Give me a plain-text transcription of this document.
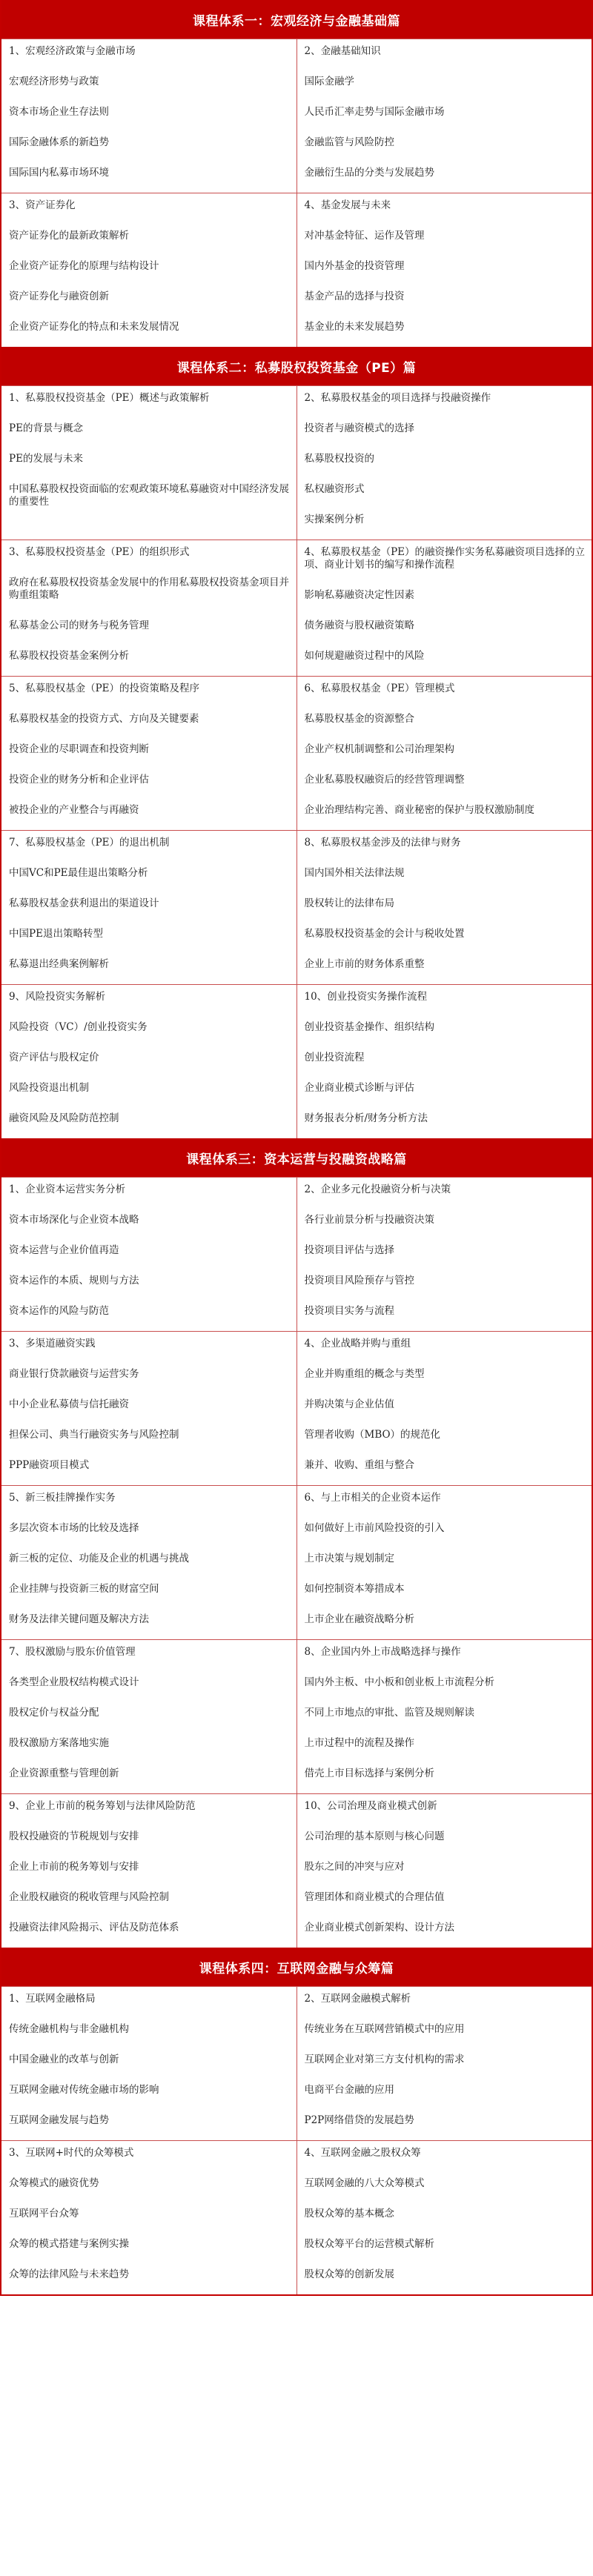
课程体系一：宏观经济与金融基础篇
1、宏观经济政策与金融市场
宏观经济形势与政策
资本市场企业生存法则
国际金融体系的新趋势
国际国内私募市场环境
2、金融基础知识
国际金融学
人民币汇率走势与国际金融市场
金融监管与风险防控
金融衍生品的分类与发展趋势
3、资产证券化
资产证券化的最新政策解析
企业资产证券化的原理与结构设计
资产证券化与融资创新
企业资产证券化的特点和未来发展情况
4、基金发展与未来
对冲基金特征、运作及管理
国内外基金的投资管理
基金产品的选择与投资
基金业的未来发展趋势
课程体系二：私募股权投资基金（PE）篇
1、私募股权投资基金（PE）概述与政策解析
PE的背景与概念
PE的发展与未来
中国私募股权投资面临的宏观政策环境私募融资对中国经济发展的重要性
2、私募股权基金的项目选择与投融资操作
投资者与融资模式的选择
私募股权投资的
私权融资形式
实操案例分析
3、私募股权投资基金（PE）的组织形式
政府在私募股权投资基金发展中的作用私募股权投资基金项目并购重组策略
私募基金公司的财务与税务管理
私募股权投资基金案例分析
4、私募股权基金（PE）的融资操作实务私募融资项目选择的立项、商业计划书的编写和操作流程
影响私募融资决定性因素
债务融资与股权融资策略
如何规避融资过程中的风险
5、私募股权基金（PE）的投资策略及程序
私募股权基金的投资方式、方向及关键要素
投资企业的尽职调查和投资判断
投资企业的财务分析和企业评估
被投企业的产业整合与再融资
6、私募股权基金（PE）管理模式
私募股权基金的资源整合
企业产权机制调整和公司治理架构
企业私募股权融资后的经营管理调整
企业治理结构完善、商业秘密的保护与股权激励制度
7、私募股权基金（PE）的退出机制
中国VC和PE最佳退出策略分析
私募股权基金获利退出的渠道设计
中国PE退出策略转型
私募退出经典案例解析
8、私募股权基金涉及的法律与财务
国内国外相关法律法规
股权转让的法律布局
私募股权投资基金的会计与税收处置
企业上市前的财务体系重整
9、风险投资实务解析
风险投资（VC）/创业投资实务
资产评估与股权定价
风险投资退出机制
融资风险及风险防范控制
10、创业投资实务操作流程
创业投资基金操作、组织结构
创业投资流程
企业商业模式诊断与评估
财务报表分析/财务分析方法
课程体系三：资本运营与投融资战略篇
1、企业资本运营实务分析
资本市场深化与企业资本战略
资本运营与企业价值再造
资本运作的本质、规则与方法
资本运作的风险与防范
2、企业多元化投融资分析与决策
各行业前景分析与投融资决策
投资项目评估与选择
投资项目风险预存与管控
投资项目实务与流程
3、多渠道融资实践
商业银行贷款融资与运营实务
中小企业私募债与信托融资
担保公司、典当行融资实务与风险控制
PPP融资项目模式
4、企业战略并购与重组
企业并购重组的概念与类型
并购决策与企业估值
管理者收购（MBO）的规范化
兼并、收购、重组与整合
5、新三板挂牌操作实务
多层次资本市场的比较及选择
新三板的定位、功能及企业的机遇与挑战
企业挂牌与投资新三板的财富空间
财务及法律关键问题及解决方法
6、与上市相关的企业资本运作
如何做好上市前风险投资的引入
上市决策与规划制定
如何控制资本筹措成本
上市企业在融资战略分析
7、股权激励与股东价值管理
各类型企业股权结构模式设计
股权定价与权益分配
股权激励方案落地实施
企业资源重整与管理创新
8、企业国内外上市战略选择与操作
国内外主板、中小板和创业板上市流程分析
不同上市地点的审批、监管及规则解读
上市过程中的流程及操作
借壳上市目标选择与案例分析
9、企业上市前的税务筹划与法律风险防范
股权投融资的节税规划与安排
企业上市前的税务筹划与安排
企业股权融资的税收管理与风险控制
投融资法律风险揭示、评估及防范体系
10、公司治理及商业模式创新
公司治理的基本原则与核心问题
股东之间的冲突与应对
管理团体和商业模式的合理估值
企业商业模式创新架构、设计方法
课程体系四：互联网金融与众筹篇
1、互联网金融格局
传统金融机构与非金融机构
中国金融业的改革与创新
互联网金融对传统金融市场的影响
互联网金融发展与趋势
2、互联网金融模式解析
传统业务在互联网营销模式中的应用
互联网企业对第三方支付机构的需求
电商平台金融的应用
P2P网络借贷的发展趋势
3、互联网+时代的众筹模式
众筹模式的融资优势
互联网平台众筹
众筹的模式搭建与案例实操
众筹的法律风险与未来趋势
4、互联网金融之股权众筹
互联网金融的八大众筹模式
股权众筹的基本概念
股权众筹平台的运营模式解析
股权众筹的创新发展
